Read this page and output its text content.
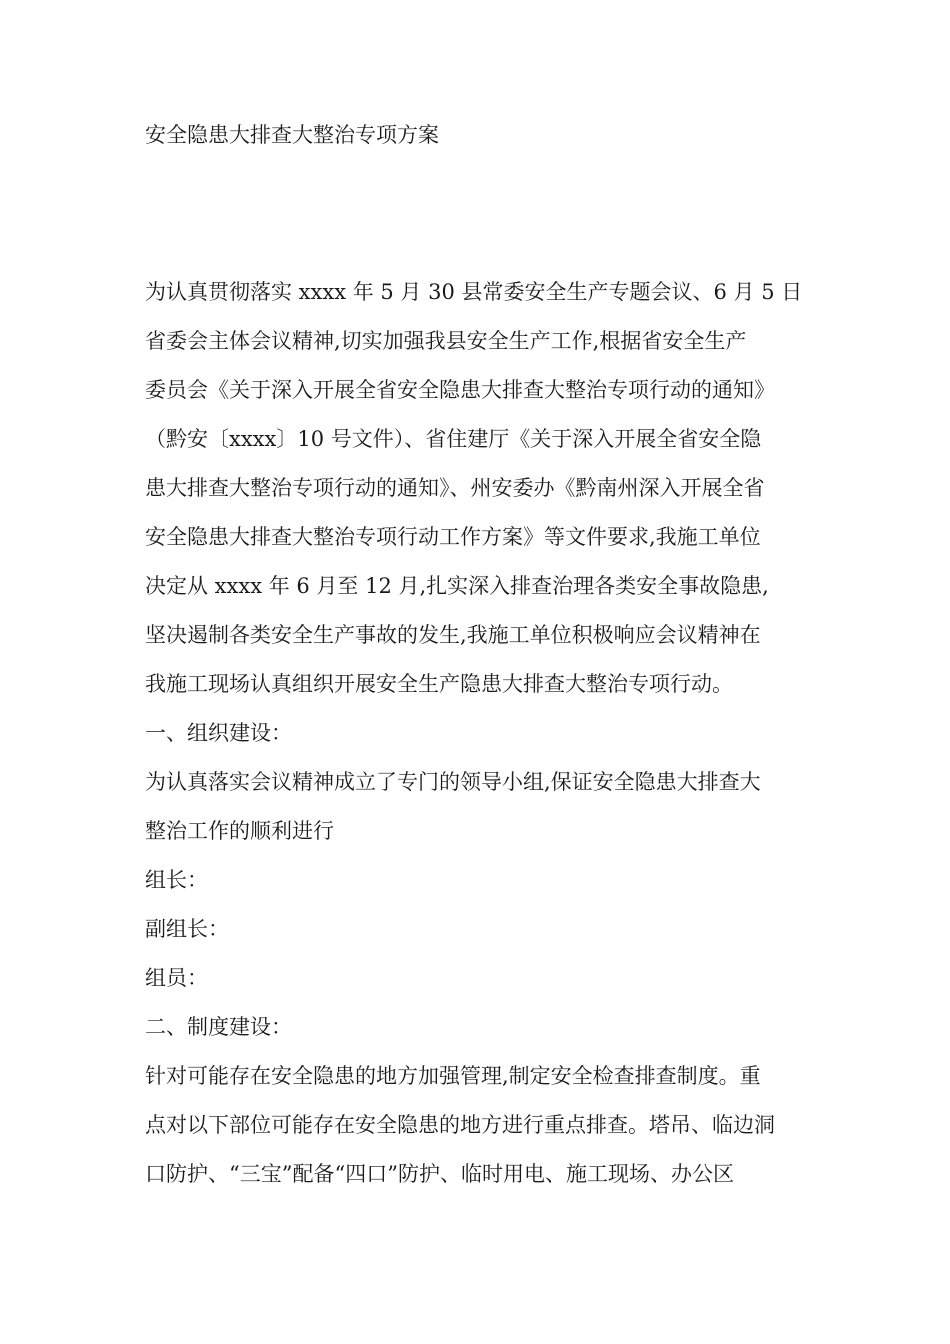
安全隐患大排查大整治专项方案
为认真贯彻落实 xxxx 年 5 月 30 县常委安全生产专题会议、6 月 5 日
省委会主体会议精神,切实加强我县安全生产工作,根据省安全生产
委员会《关于深入开展全省安全隐患大排查大整治专项行动的通知》
（黔安〔xxxx〕10 号文件）、省住建厅《关于深入开展全省安全隐
患大排查大整治专项行动的通知》、州安委办《黔南州深入开展全省
安全隐患大排查大整治专项行动工作方案》等文件要求,我施工单位
决定从 xxxx 年 6 月至 12 月,扎实深入排查治理各类安全事故隐患,
坚决遏制各类安全生产事故的发生,我施工单位积极响应会议精神在
我施工现场认真组织开展安全生产隐患大排查大整治专项行动。
一、组织建设：
为认真落实会议精神成立了专门的领导小组,保证安全隐患大排查大
整治工作的顺利进行
组长：
副组长：
组员：
二、制度建设：
针对可能存在安全隐患的地方加强管理,制定安全检查排查制度。重
点对以下部位可能存在安全隐患的地方进行重点排查。塔吊、临边洞
口防护、“三宝”配备“四口”防护、临时用电、施工现场、办公区
